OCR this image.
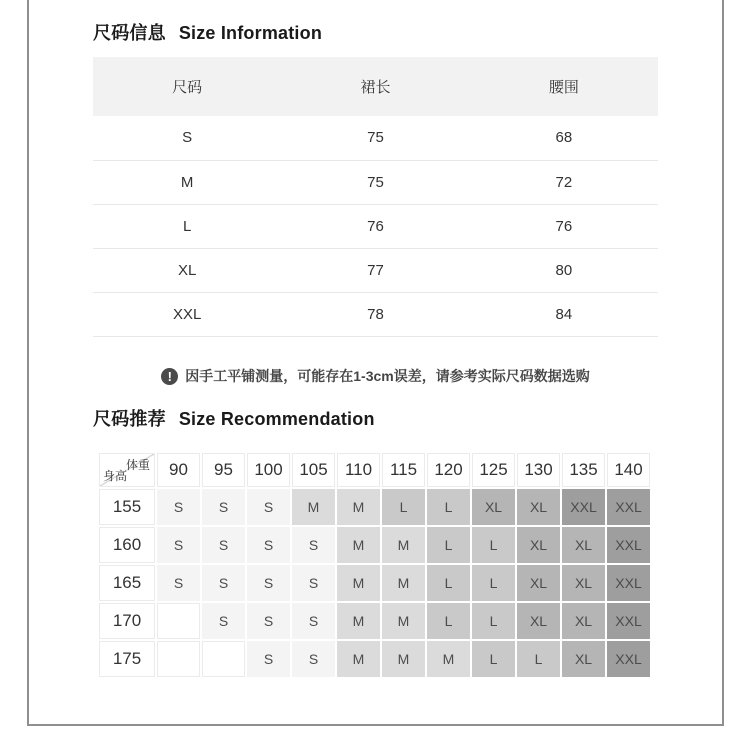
尺码信息 Size Information
尺码	裙长	腰围
S	75	68
M	75	72
L	76	76
XL	77	80
XXL	78	84
! 因手工平铺测量，可能存在1-3cm误差，请参考实际尺码数据选购
尺码推荐 Size Recommendation
体重
身高	90	95	100	105	110	115	120	125	130	135	140
155	S	S	S	M	M	L	L	XL	XL	XXL	XXL
160	S	S	S	S	M	M	L	L	XL	XL	XXL
165	S	S	S	S	M	M	L	L	XL	XL	XXL
170		S	S	S	M	M	L	L	XL	XL	XXL
175			S	S	M	M	M	L	L	XL	XXL
